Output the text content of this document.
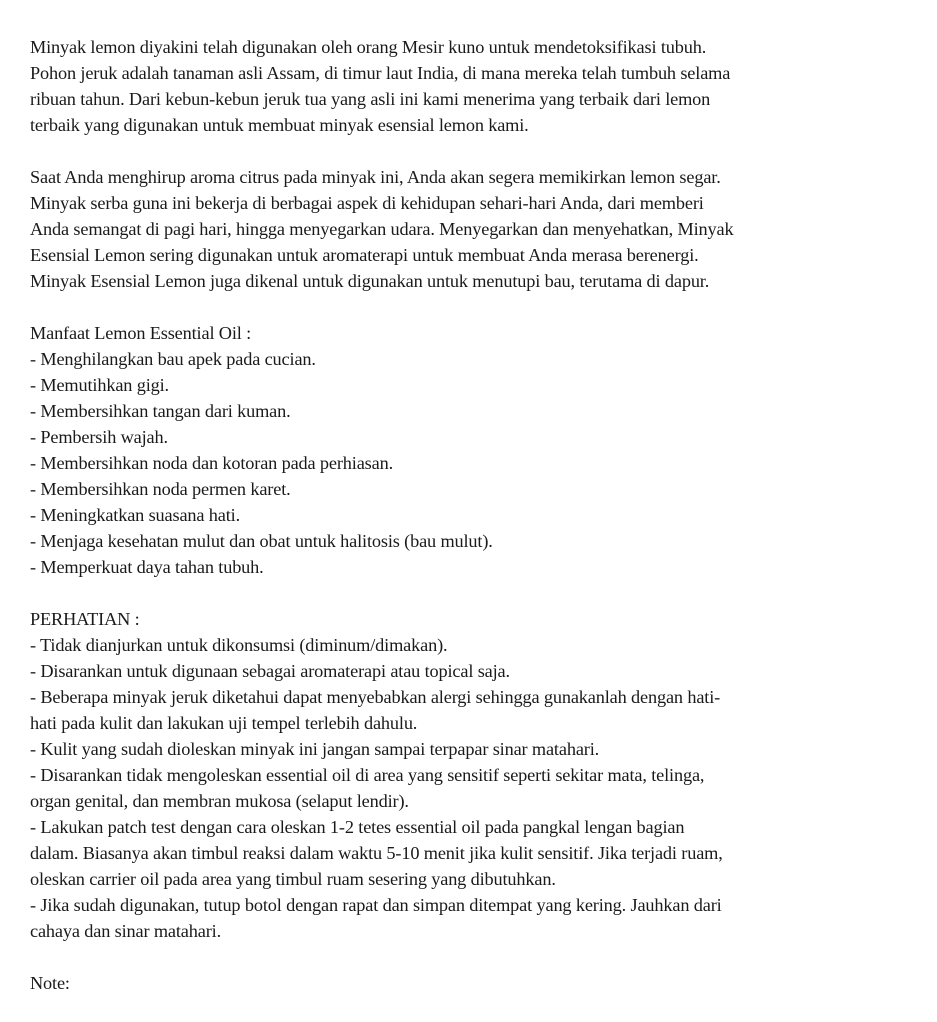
Minyak lemon diyakini telah digunakan oleh orang Mesir kuno untuk mendetoksifikasi tubuh.
Pohon jeruk adalah tanaman asli Assam, di timur laut India, di mana mereka telah tumbuh selama
ribuan tahun. Dari kebun-kebun jeruk tua yang asli ini kami menerima yang terbaik dari lemon
terbaik yang digunakan untuk membuat minyak esensial lemon kami.

Saat Anda menghirup aroma citrus pada minyak ini, Anda akan segera memikirkan lemon segar.
Minyak serba guna ini bekerja di berbagai aspek di kehidupan sehari-hari Anda, dari memberi
Anda semangat di pagi hari, hingga menyegarkan udara. Menyegarkan dan menyehatkan, Minyak
Esensial Lemon sering digunakan untuk aromaterapi untuk membuat Anda merasa berenergi.
Minyak Esensial Lemon juga dikenal untuk digunakan untuk menutupi bau, terutama di dapur.

Manfaat Lemon Essential Oil :
- Menghilangkan bau apek pada cucian.
- Memutihkan gigi.
- Membersihkan tangan dari kuman.
- Pembersih wajah.
- Membersihkan noda dan kotoran pada perhiasan.
- Membersihkan noda permen karet.
- Meningkatkan suasana hati.
- Menjaga kesehatan mulut dan obat untuk halitosis (bau mulut).
- Memperkuat daya tahan tubuh.
PERHATIAN :
- Tidak dianjurkan untuk dikonsumsi (diminum/dimakan).
- Disarankan untuk digunaan sebagai aromaterapi atau topical saja.
- Beberapa minyak jeruk diketahui dapat menyebabkan alergi sehingga gunakanlah dengan hati-
hati pada kulit dan lakukan uji tempel terlebih dahulu.
- Kulit yang sudah dioleskan minyak ini jangan sampai terpapar sinar matahari.
- Disarankan tidak mengoleskan essential oil di area yang sensitif seperti sekitar mata, telinga,
organ genital, dan membran mukosa (selaput lendir).
- Lakukan patch test dengan cara oleskan 1-2 tetes essential oil pada pangkal lengan bagian
dalam. Biasanya akan timbul reaksi dalam waktu 5-10 menit jika kulit sensitif. Jika terjadi ruam,
oleskan carrier oil pada area yang timbul ruam sesering yang dibutuhkan.
- Jika sudah digunakan, tutup botol dengan rapat dan simpan ditempat yang kering. Jauhkan dari
cahaya dan sinar matahari.
Note:
